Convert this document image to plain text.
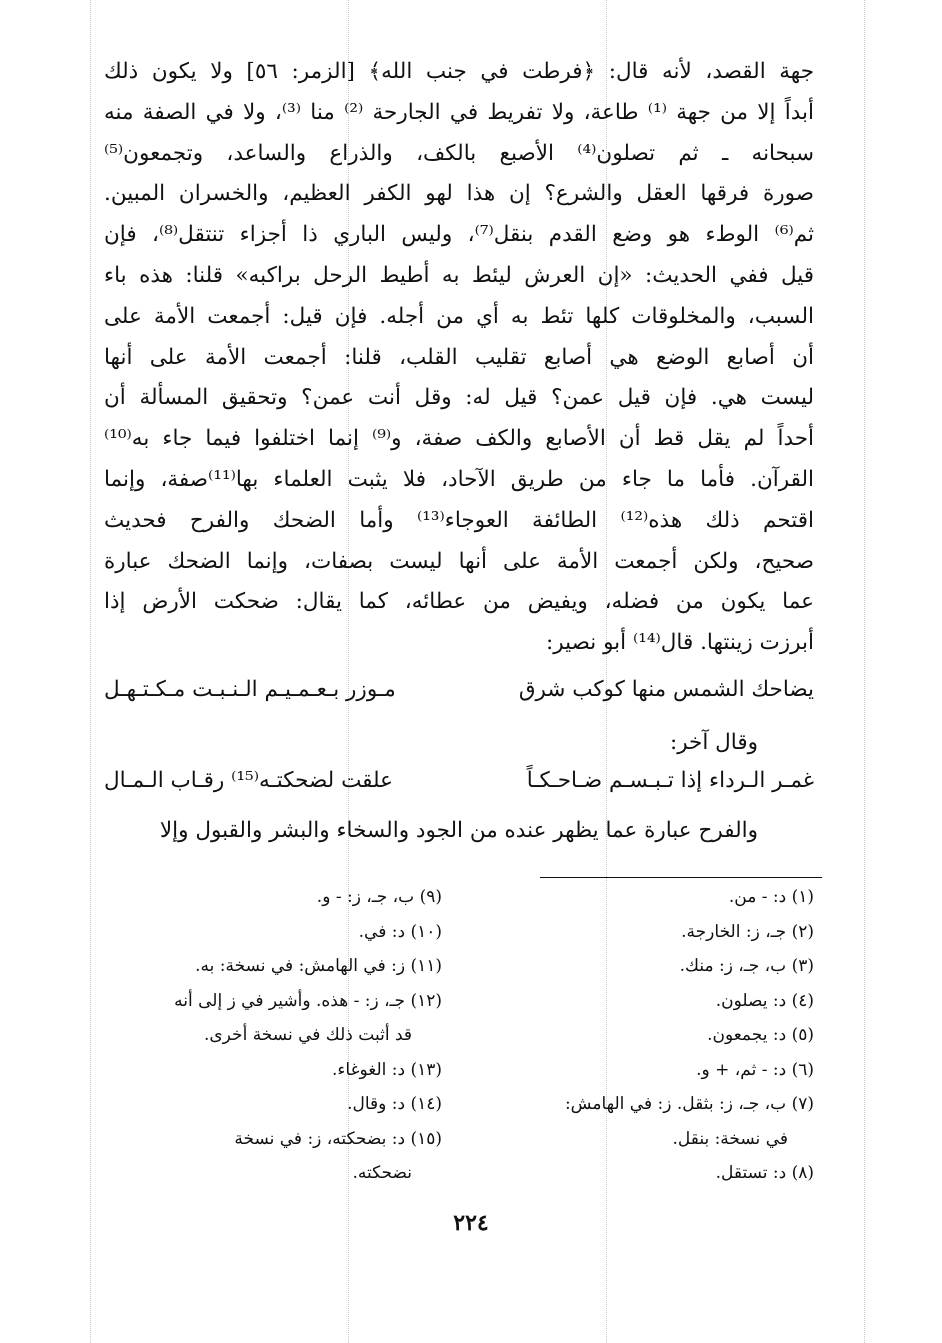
جهة القصد، لأنه قال: ﴿فرطت في جنب الله﴾ [الزمر: ٥٦] ولا يكون ذلك
أبداً إلا من جهة ⁽¹⁾ طاعة، ولا تفريط في الجارحة ⁽²⁾ منا ⁽³⁾، ولا في الصفة منه
سبحانه ـ ثم تصلون⁽⁴⁾ الأصبع بالكف، والذراع والساعد، وتجمعون⁽⁵⁾
صورة فرقها العقل والشرع؟ إن هذا لهو الكفر العظيم، والخسران المبين.
ثم⁽⁶⁾ الوطء هو وضع القدم بنقل⁽⁷⁾، وليس الباري ذا أجزاء تنتقل⁽⁸⁾، فإن
قيل ففي الحديث: «إن العرش ليئط به أطيط الرحل براكبه» قلنا: هذه باء
السبب، والمخلوقات كلها تئط به أي من أجله. فإن قيل: أجمعت الأمة على
أن أصابع الوضع هي أصابع تقليب القلب، قلنا: أجمعت الأمة على أنها
ليست هي. فإن قيل عمن؟ قيل له: وقل أنت عمن؟ وتحقيق المسألة أن
أحداً لم يقل قط أن الأصابع والكف صفة، و⁽⁹⁾ إنما اختلفوا فيما جاء به⁽¹⁰⁾
القرآن. فأما ما جاء من طريق الآحاد، فلا يثبت العلماء بها⁽¹¹⁾صفة، وإنما
اقتحم ذلك هذه⁽¹²⁾ الطائفة العوجاء⁽¹³⁾ وأما الضحك والفرح فحديث
صحيح، ولكن أجمعت الأمة على أنها ليست بصفات، وإنما الضحك عبارة
عما يكون من فضله، ويفيض من عطائه، كما يقال: ضحكت الأرض إذا
أبرزت زينتها. قال⁽¹⁴⁾ أبو نصير:
يضاحك الشمس منها كوكب شرق
مـوزر بـعـمـيـم الـنـبـت مـكـتـهـل
وقال آخر:
غمـر الـرداء إذا تـبـسـم ضـاحـكـاً
علقت لضحكتـه⁽¹⁵⁾ رقـاب الـمـال
والفرح عبارة عما يظهر عنده من الجود والسخاء والبشر والقبول وإلا
(١) د: - من.
(٢) جـ، ز: الخارجة.
(٣) ب، جـ، ز: منك.
(٤) د: يصلون.
(٥) د: يجمعون.
(٦) د: - ثم، + و.
(٧) ب، جـ، ز: بثقل. ز: في الهامش:
في نسخة: بنقل.
(٨) د: تستقل.
(٩) ب، جـ، ز: - و.
(١٠) د: في.
(١١) ز: في الهامش: في نسخة: به.
(١٢) جـ، ز: - هذه. وأشير في ز إلى أنه
قد أثبت ذلك في نسخة أخرى.
(١٣) د: الغوغاء.
(١٤) د: وقال.
(١٥) د: بضحكته، ز: في نسخة
نضحكته.
٢٢٤
